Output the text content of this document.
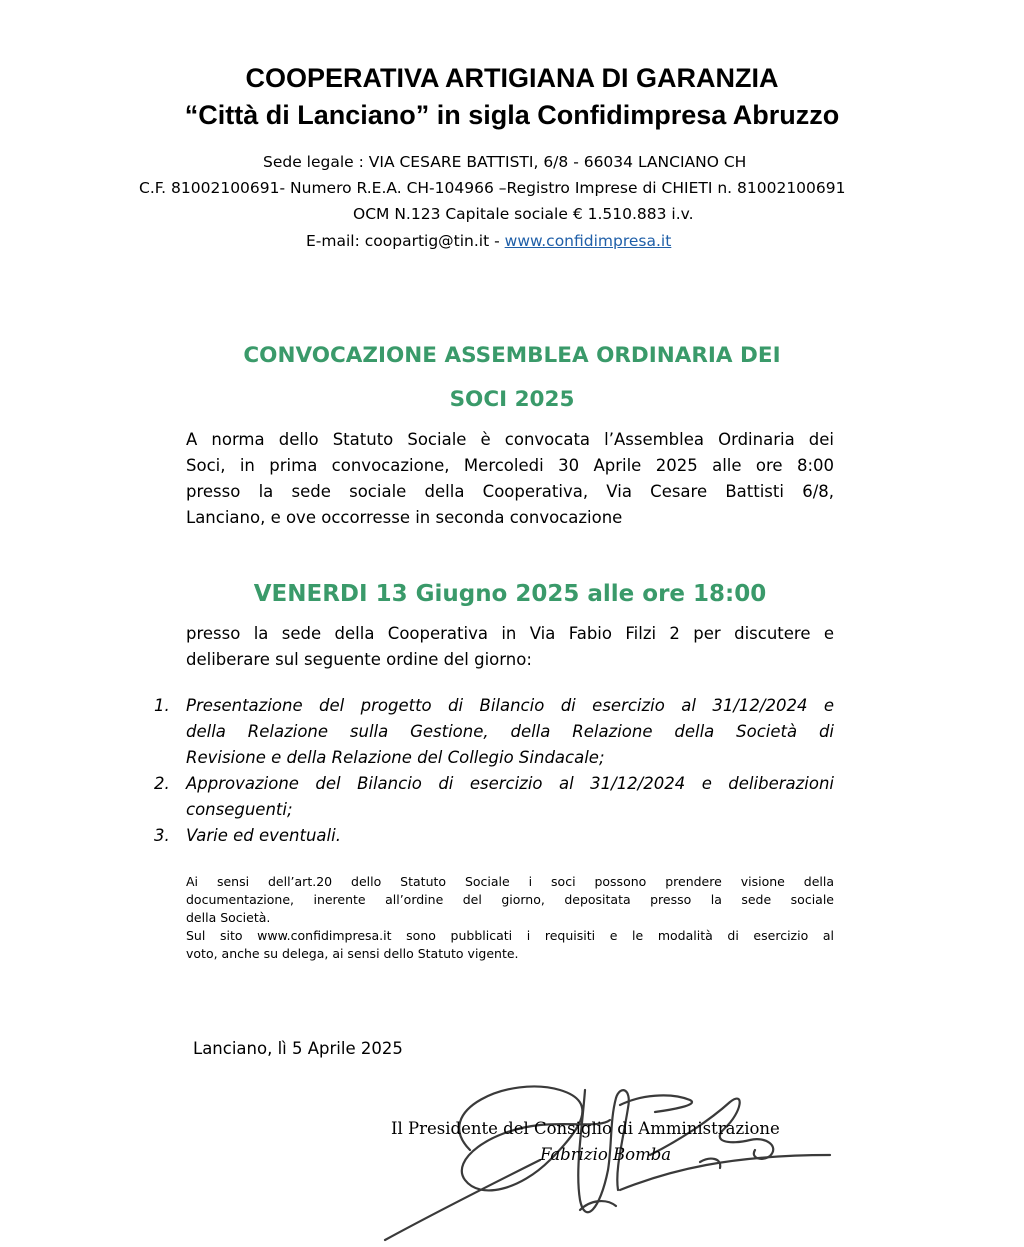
COOPERATIVA ARTIGIANA DI GARANZIA
“Città di Lanciano” in sigla Confidimpresa Abruzzo
Sede legale : VIA CESARE BATTISTI, 6/8 - 66034 LANCIANO CH
C.F. 81002100691- Numero R.E.A. CH-104966 –Registro Imprese di CHIETI n. 81002100691
OCM N.123 Capitale sociale € 1.510.883 i.v.
E-mail: coopartig@tin.it - www.confidimpresa.it
CONVOCAZIONE ASSEMBLEA ORDINARIA DEI
SOCI 2025
A norma dello Statuto Sociale è convocata l’Assemblea Ordinaria dei
Soci, in prima convocazione, Mercoledi 30 Aprile 2025 alle ore 8:00
presso la sede sociale della Cooperativa, Via Cesare Battisti 6/8,
Lanciano, e ove occorresse in seconda convocazione
VENERDI 13 Giugno 2025 alle ore 18:00
presso la sede della Cooperativa in Via Fabio Filzi 2 per discutere e
deliberare sul seguente ordine del giorno:
1. Presentazione del progetto di Bilancio di esercizio al 31/12/2024 e
della Relazione sulla Gestione, della Relazione della Società di
Revisione e della Relazione del Collegio Sindacale;
2. Approvazione del Bilancio di esercizio al 31/12/2024 e deliberazioni
conseguenti;
3. Varie ed eventuali.
Ai sensi dell’art.20 dello Statuto Sociale i soci possono prendere visione della
documentazione, inerente all’ordine del giorno, depositata presso la sede sociale
della Società.
Sul sito www.confidimpresa.it sono pubblicati i requisiti e le modalità di esercizio al
voto, anche su delega, ai sensi dello Statuto vigente.
Lanciano, lì 5 Aprile 2025
Il Presidente del Consiglio di Amministrazione
Fabrizio Bomba
